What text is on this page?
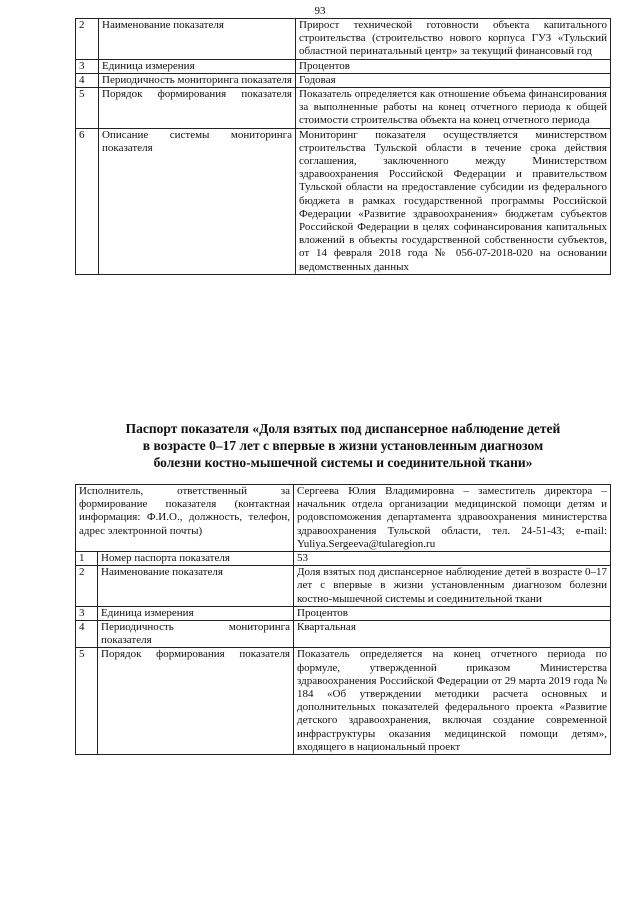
93
2	Наименование показателя	Прирост технической готовности объекта капитального строительства (строительство нового корпуса ГУЗ «Тульский областной перинатальный центр» за текущий финансовый год
3	Единица измерения	Процентов
4	Периодичность мониторинга показателя	Годовая
5	Порядок формирования показателя	Показатель определяется как отношение объема финансирования за выполненные работы на конец отчетного периода к общей стоимости строительства объекта на конец отчетного периода
6	Описание системы мониторинга показателя	Мониторинг показателя осуществляется министерством строительства Тульской области в течение срока действия соглашения, заключенного между Министерством здравоохранения Российской Федерации и правительством Тульской области на предоставление субсидии из федерального бюджета в рамках государственной программы Российской Федерации «Развитие здравоохранения» бюджетам субъектов Российской Федерации в целях софинансирования капитальных вложений в объекты государственной собственности субъектов, от 14 февраля 2018 года № 056-07-2018-020 на основании ведомственных данных
Паспорт показателя «Доля взятых под диспансерное наблюдение детей
в возрасте 0–17 лет с впервые в жизни установленным диагнозом
болезни костно-мышечной системы и соединительной ткани»
Исполнитель, ответственный за формирование показателя (контактная информация: Ф.И.О., должность, телефон, адрес электронной почты)		Сергеева Юлия Владимировна – заместитель директора – начальник отдела организации медицинской помощи детям и родовспоможения департамента здравоохранения министерства здравоохранения Тульской области, тел. 24-51-43; e-mail: Yuliya.Sergeeva@tularegion.ru
1	Номер паспорта показателя	53
2	Наименование показателя	Доля взятых под диспансерное наблюдение детей в возрасте 0–17 лет с впервые в жизни установленным диагнозом болезни костно-мышечной системы и соединительной ткани
3	Единица измерения	Процентов
4	Периодичность мониторинга показателя	Квартальная
5	Порядок формирования показателя	Показатель определяется на конец отчетного периода по формуле, утвержденной приказом Министерства здравоохранения Российской Федерации от 29 марта 2019 года № 184 «Об утверждении методики расчета основных и дополнительных показателей федерального проекта «Развитие детского здравоохранения, включая создание современной инфраструктуры оказания медицинской помощи детям», входящего в национальный проект
